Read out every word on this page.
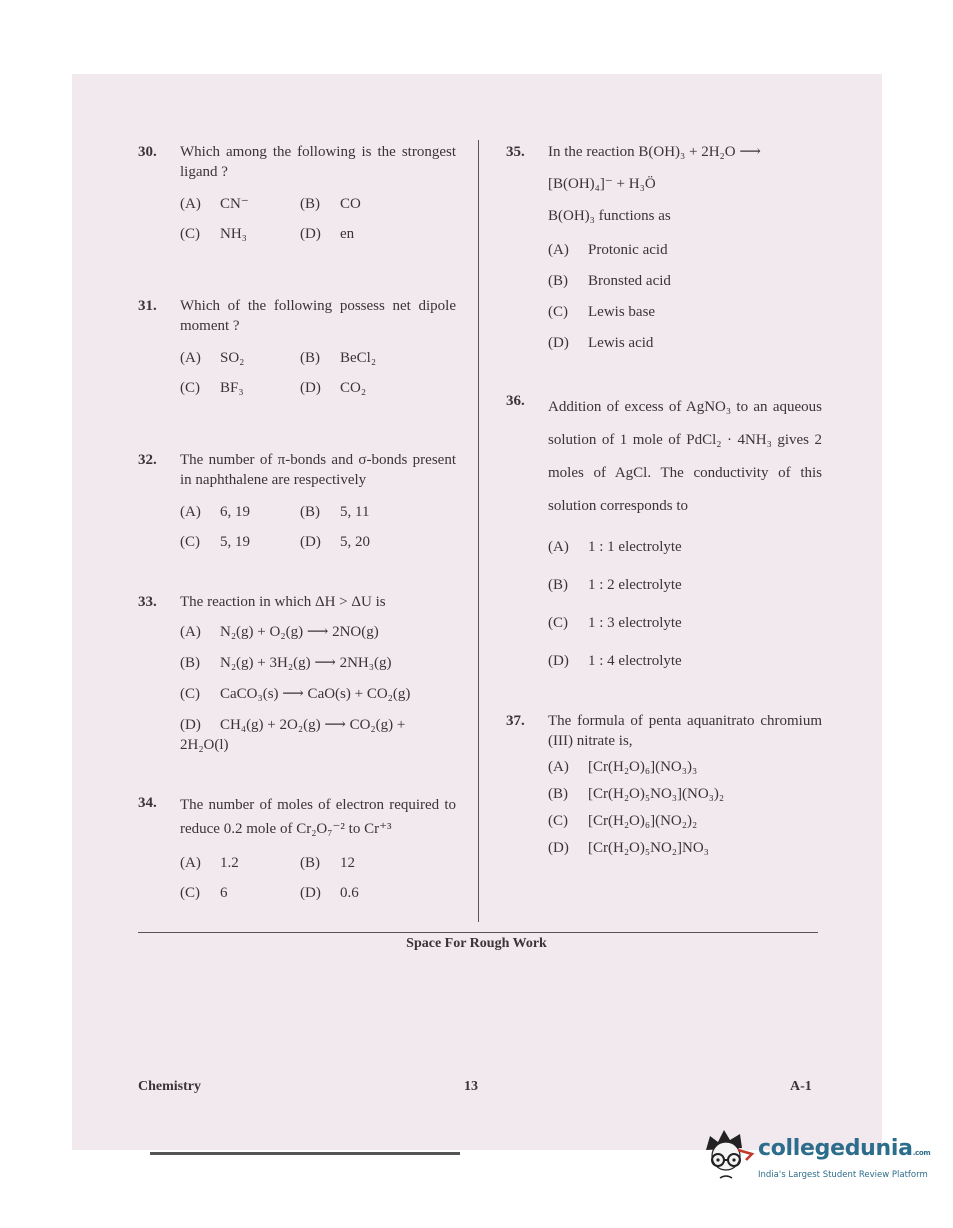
30. Which among the following is the strongest ligand ?
(A) CN⁻	(B) CO
(C) NH₃	(D) en
31. Which of the following possess net dipole moment ?
(A) SO₂	(B) BeCl₂
(C) BF₃	(D) CO₂
32. The number of π-bonds and σ-bonds present in naphthalene are respectively
(A) 6, 19	(B) 5, 11
(C) 5, 19	(D) 5, 20
33. The reaction in which ΔH > ΔU is
(A) N₂(g) + O₂(g) ⟶ 2NO(g)
(B) N₂(g) + 3H₂(g) ⟶ 2NH₃(g)
(C) CaCO₃(s) ⟶ CaO(s) + CO₂(g)
(D) CH₄(g) + 2O₂(g) ⟶ CO₂(g) +
2H₂O(l)
34. The number of moles of electron required to reduce 0.2 mole of Cr₂O₇⁻² to Cr⁺³
(A) 1.2	(B) 12
(C) 6	(D) 0.6
35. In the reaction B(OH)₃ + 2H₂O ⟶
[B(OH)₄]⁻ + H₃Ö
B(OH)₃ functions as
(A) Protonic acid
(B) Bronsted acid
(C) Lewis base
(D) Lewis acid
36. Addition of excess of AgNO₃ to an aqueous solution of 1 mole of PdCl₂ · 4NH₃ gives 2 moles of AgCl. The conductivity of this solution corresponds to
(A) 1 : 1 electrolyte
(B) 1 : 2 electrolyte
(C) 1 : 3 electrolyte
(D) 1 : 4 electrolyte
37. The formula of penta aquanitrato chromium (III) nitrate is,
(A) [Cr(H₂O)₆](NO₃)₃
(B) [Cr(H₂O)₅NO₃](NO₃)₂
(C) [Cr(H₂O)₆](NO₂)₂
(D) [Cr(H₂O)₅NO₂]NO₃
Space For Rough Work
Chemistry	13	A-1
collegedunia.com
India's Largest Student Review Platform
